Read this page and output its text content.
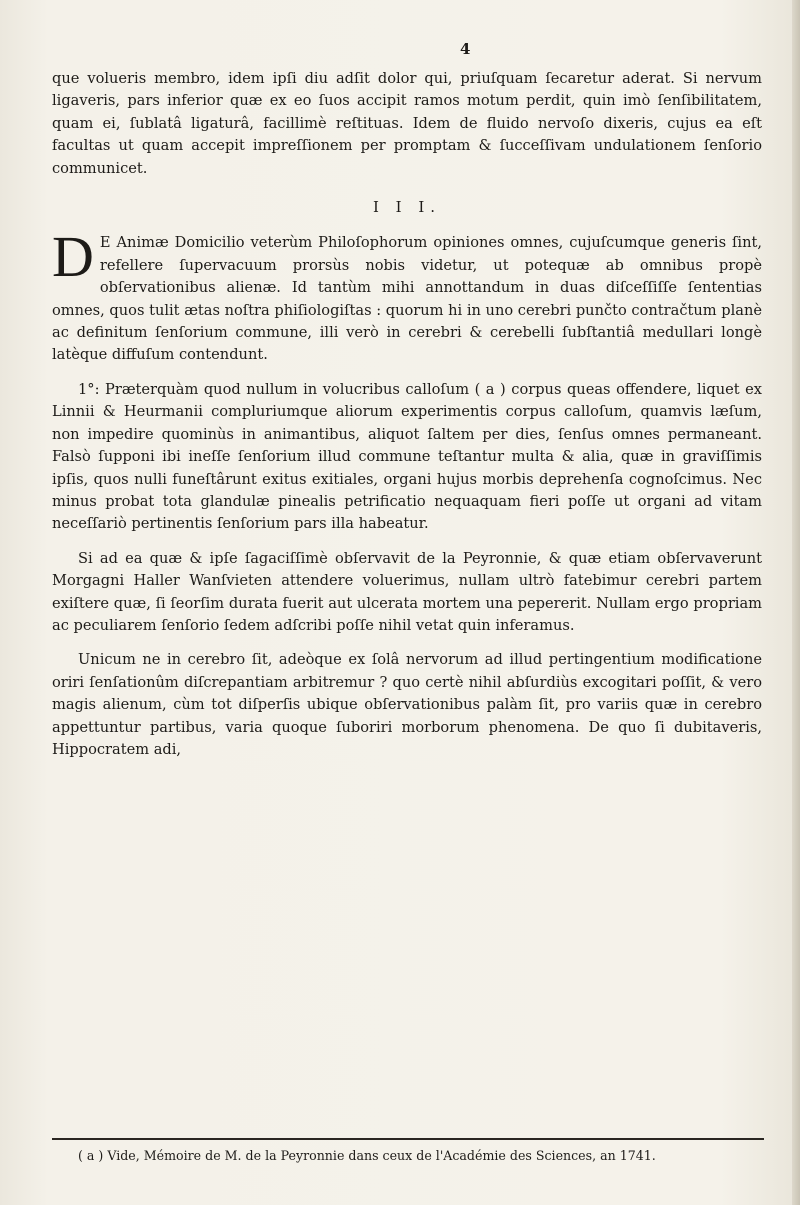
4

que volueris membro, idem ipſi diu adſit dolor qui, priuſquam ſecaretur aderat. Si nervum ligaveris, pars inferior quæ ex eo ſuos accipit ramos motum perdit, quin imò ſenſibilitatem, quam ei, ſublatâ ligaturâ, facillimè reſtituas. Idem de fluido nervoſo dixeris, cujus ea eſt facultas ut quam accepit impreſſionem per promptam & ſucceſſivam undulationem ſenſorio communicet.

I I I.

D E Animæ Domicilio veterùm Philoſophorum opiniones omnes, cujuſcumque generis ſint, refellere ſupervacuum prorsùs nobis videtur, ut potequæ ab omnibus propè obſervationibus alienæ. Id tantùm mihi annottandum in duas diſceſſiſſe ſententias omnes, quos tulit ætas noſtra phiſiologiſtas : quorum hi in uno cerebri punčto contračtum planè ac definitum ſenſorium commune, illi verò in cerebri & cerebelli ſubſtantiâ medullari longè latèque diffuſum contendunt.

1°: Præterquàm quod nullum in volucribus calloſum ( a ) corpus queas offendere, liquet ex Linnii & Heurmanii compluriumque aliorum experimentis corpus calloſum, quamvis læſum, non impedire quominùs in animantibus, aliquot ſaltem per dies, ſenſus omnes permaneant. Falsò ſupponi ibi ineſſe ſenſorium illud commune teſtantur multa & alia, quæ in graviſſimis ipſis, quos nulli funeſtârunt exitus exitiales, organi hujus morbis deprehenſa cognoſcimus. Nec minus probat tota glandulæ pinealis petrificatio nequaquam fieri poſſe ut organi ad vitam neceſſariò pertinentis ſenſorium pars illa habeatur.

Si ad ea quæ & ipſe ſagaciſſimè obſervavit de la Peyronnie, & quæ etiam obſervaverunt Morgagni Haller Wanſvieten attendere voluerimus, nullam ultrò fatebimur cerebri partem exiſtere quæ, ſi ſeorſim durata fuerit aut ulcerata mortem una pepererit. Nullam ergo propriam ac peculiarem ſenſorio ſedem adſcribi poſſe nihil vetat quin inferamus.

Unicum ne in cerebro ſit, adeòque ex ſolâ nervorum ad illud pertingentium modificatione oriri ſenſationûm diſcrepantiam arbitremur ? quo certè nihil abſurdiùs excogitari poſſit, & vero magis alienum, cùm tot diſperſis ubique obſervationibus palàm ſit, pro variis quæ in cerebro appettuntur partibus, varia quoque ſuboriri morborum phenomena. De quo ſi dubitaveris, Hippocratem adi,

( a ) Vide, Mémoire de M. de la Peyronnie dans ceux de l'Académie des Sciences, an 1741.
